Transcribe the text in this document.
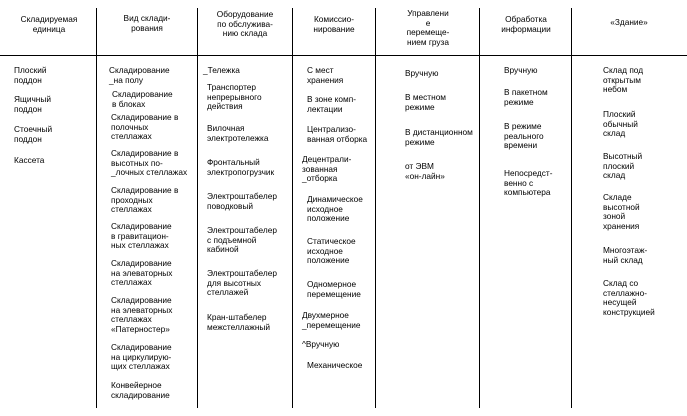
Складируемая
единица
Вид склади-
рования
Оборудование
по обслужива-
нию склада
Комиссио-
нирование
Управлени
е
перемеще-
нием груза
Обработка
информации
«Здание»
Плоский
поддон
Ящичный
поддон
Стоечный
поддон
Кассета
Складирование
_на полу
Складирование
в блоках
Складирование в
полочных
стеллажах
Складирование в
высотных по-
_лочных стеллажах
Складирование в
проходных
стеллажах
Складирование
в гравитацион-
ных стеллажах
Складирование
на элеваторных
стеллажах
Складирование
на элеваторных
стеллажах
«Патерностер»
Складирование
на циркулирую-
щих стеллажах
Конвейерное
складирование
_Тележка
Транспортер
непрерывного
действия
Вилочная
электротележка
Фронтальный
электропогрузчик
Электроштабелер
поводковый
Электроштабелер
с подъемной
кабиной
Электроштабелер
для высотных
стеллажей
Кран-штабелер
межстеллажный
С мест
хранения
В зоне комп-
лектации
Централизо-
ванная отборка
Децентрали-
зованная
_отборка
Динамическое
исходное
положение
Статическое
исходное
положение
Одномерное
перемещение
Двухмерное
_перемещение
^Вручную
Механическое
Вручную
В местном
режиме
В дистанционном
режиме
от ЭВМ
«он-лайн»
Вручную
В пакетном
режиме
В режиме
реального
времени
Непосредст-
венно с
компьютера
Склад под
открытым
небом
Плоский
обычный
склад
Высотный
плоский
склад
Складе
высотной
зоной
хранения
Многоэтаж-
ный склад
Склад со
стеллажно-
несущей
конструкцией
